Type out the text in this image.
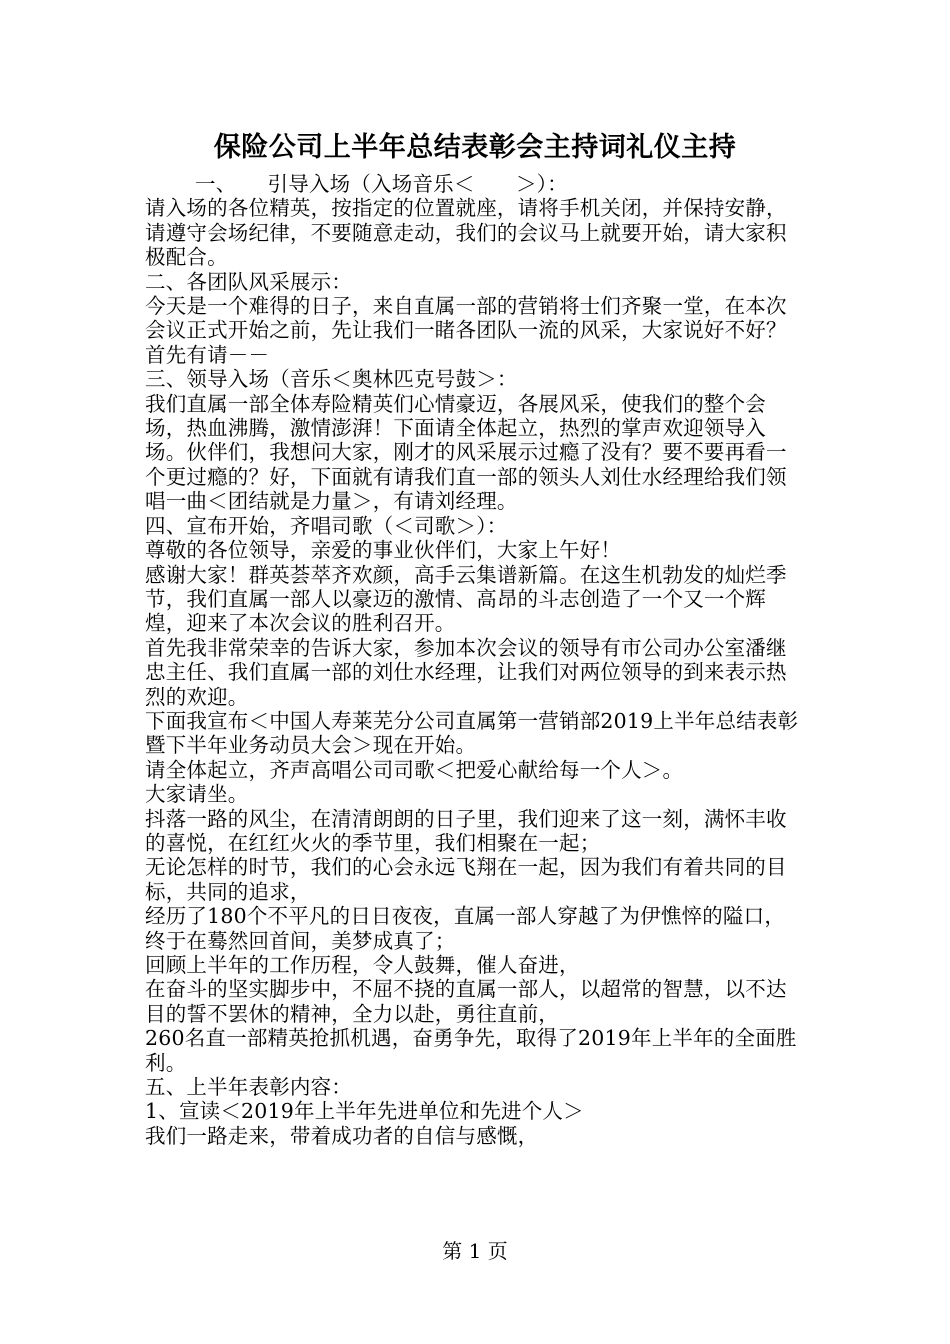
保险公司上半年总结表彰会主持词礼仪主持

一、　　引导入场（入场音乐＜　　＞）：

请入场的各位精英，按指定的位置就座，请将手机关闭，并保持安静，请遵守会场纪律，不要随意走动，我们的会议马上就要开始，请大家积极配合。

二、各团队风采展示：

今天是一个难得的日子，来自直属一部的营销将士们齐聚一堂，在本次会议正式开始之前，先让我们一睹各团队一流的风采，大家说好不好？

首先有请－－

三、领导入场（音乐＜奥林匹克号鼓＞：

我们直属一部全体寿险精英们心情豪迈，各展风采，使我们的整个会场，热血沸腾，激情澎湃！下面请全体起立，热烈的掌声欢迎领导入场。伙伴们，我想问大家，刚才的风采展示过瘾了没有？要不要再看一个更过瘾的？好，下面就有请我们直一部的领头人刘仕水经理给我们领唱一曲＜团结就是力量＞，有请刘经理。

四、宣布开始，齐唱司歌（＜司歌＞）：

尊敬的各位领导，亲爱的事业伙伴们，大家上午好！

感谢大家！群英荟萃齐欢颜，高手云集谱新篇。在这生机勃发的灿烂季节，我们直属一部人以豪迈的激情、高昂的斗志创造了一个又一个辉煌，迎来了本次会议的胜利召开。

首先我非常荣幸的告诉大家，参加本次会议的领导有市公司办公室潘继忠主任、我们直属一部的刘仕水经理，让我们对两位领导的到来表示热烈的欢迎。

下面我宣布＜中国人寿莱芜分公司直属第一营销部2019上半年总结表彰暨下半年业务动员大会＞现在开始。

请全体起立，齐声高唱公司司歌＜把爱心献给每一个人＞。

大家请坐。

抖落一路的风尘，在清清朗朗的日子里，我们迎来了这一刻，满怀丰收的喜悦，在红红火火的季节里，我们相聚在一起；

无论怎样的时节，我们的心会永远飞翔在一起，因为我们有着共同的目标，共同的追求，

经历了180个不平凡的日日夜夜，直属一部人穿越了为伊憔悴的隘口，终于在蓦然回首间，美梦成真了；

回顾上半年的工作历程，令人鼓舞，催人奋进，

在奋斗的坚实脚步中，不屈不挠的直属一部人，以超常的智慧，以不达目的誓不罢休的精神，全力以赴，勇往直前，

260名直一部精英抢抓机遇，奋勇争先，取得了2019年上半年的全面胜利。

五、上半年表彰内容：

1、宣读＜2019年上半年先进单位和先进个人＞

我们一路走来，带着成功者的自信与感慨，

第 1 页
